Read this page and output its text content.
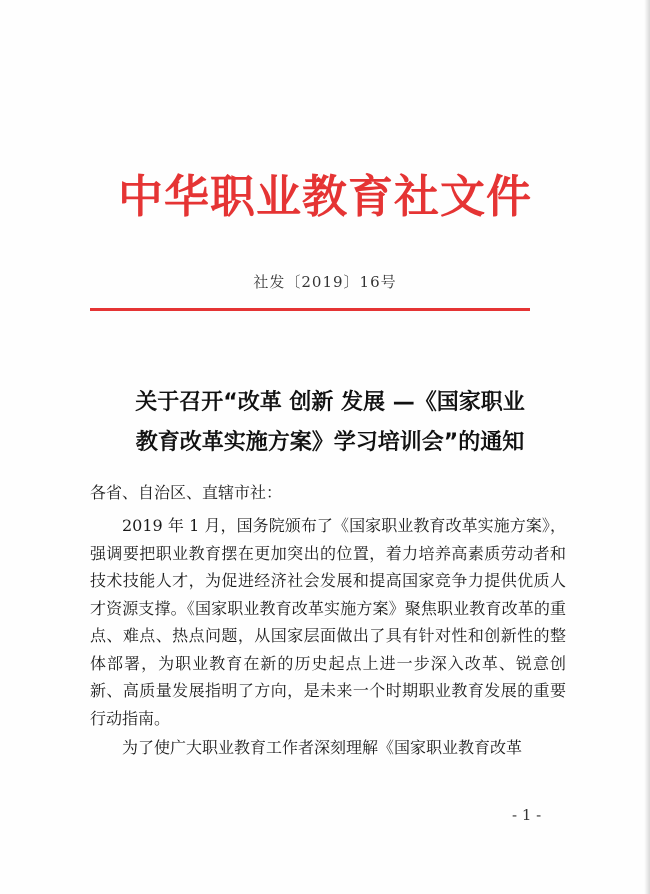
中华职业教育社文件
社发〔2019〕16号
关于召开“改革 创新 发展 —《国家职业
教育改革实施方案》学习培训会”的通知
各省、自治区、直辖市社：

2019 年 1 月，国务院颁布了《国家职业教育改革实施方案》，强调要把职业教育摆在更加突出的位置，着力培养高素质劳动者和技术技能人才，为促进经济社会发展和提高国家竞争力提供优质人才资源支撑。《国家职业教育改革实施方案》聚焦职业教育改革的重点、难点、热点问题，从国家层面做出了具有针对性和创新性的整体部署，为职业教育在新的历史起点上进一步深入改革、锐意创新、高质量发展指明了方向，是未来一个时期职业教育发展的重要行动指南。

为了使广大职业教育工作者深刻理解《国家职业教育改革

- 1 -
